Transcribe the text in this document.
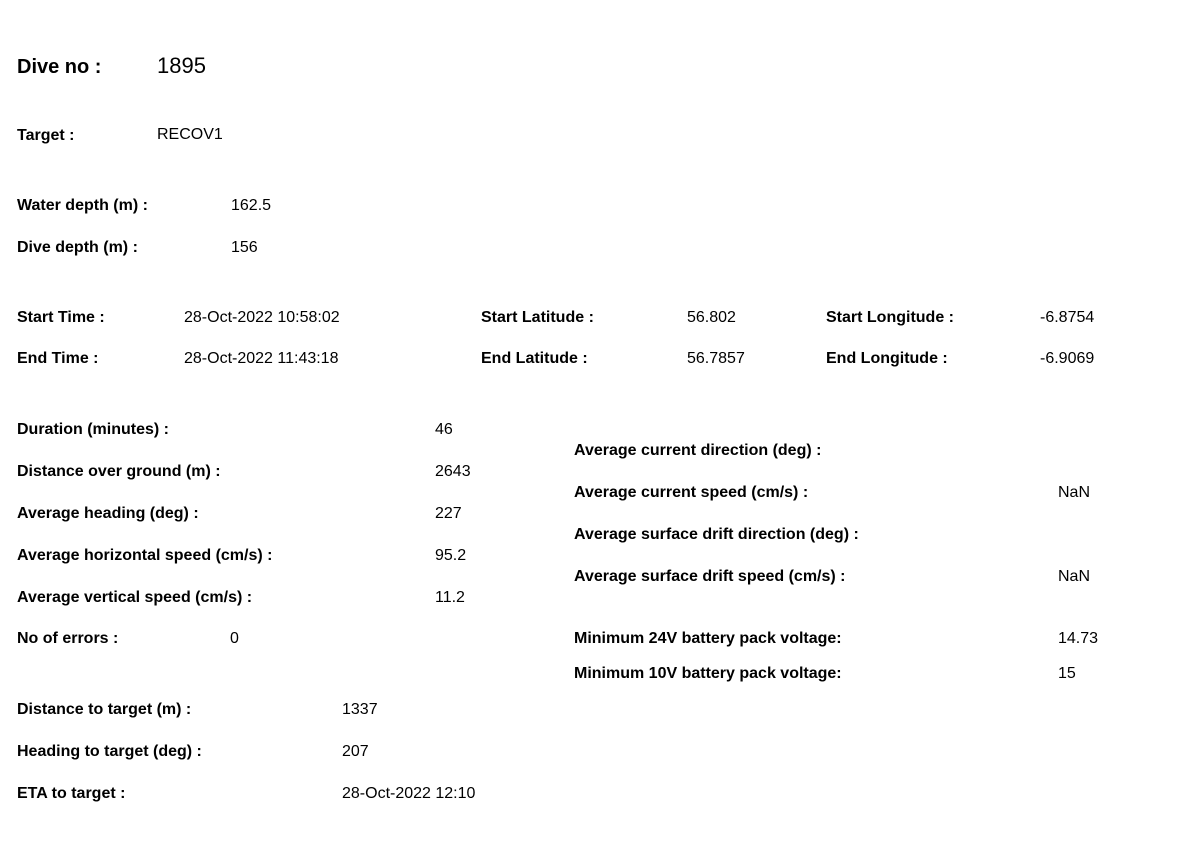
Dive no :	1895
Target :	RECOV1
Water depth (m) :	162.5
Dive depth (m) :	156
Start Time :	28-Oct-2022 10:58:02	Start Latitude :	56.802	Start Longitude :	-6.8754
End Time :	28-Oct-2022 11:43:18	End Latitude :	56.7857	End Longitude :	-6.9069
Duration (minutes) :	46
Distance over ground (m) :	2643
Average heading (deg) :	227
Average horizontal speed (cm/s) :	95.2
Average vertical speed (cm/s) :	11.2
No of errors :	0
Average current direction (deg) :
Average current speed (cm/s) :	NaN
Average surface drift direction (deg) :
Average surface drift speed (cm/s) :	NaN
Minimum 24V battery pack voltage:	14.73
Minimum 10V battery pack voltage:	15
Distance to target (m) :	1337
Heading to target (deg) :	207
ETA to target :	28-Oct-2022 12:10
